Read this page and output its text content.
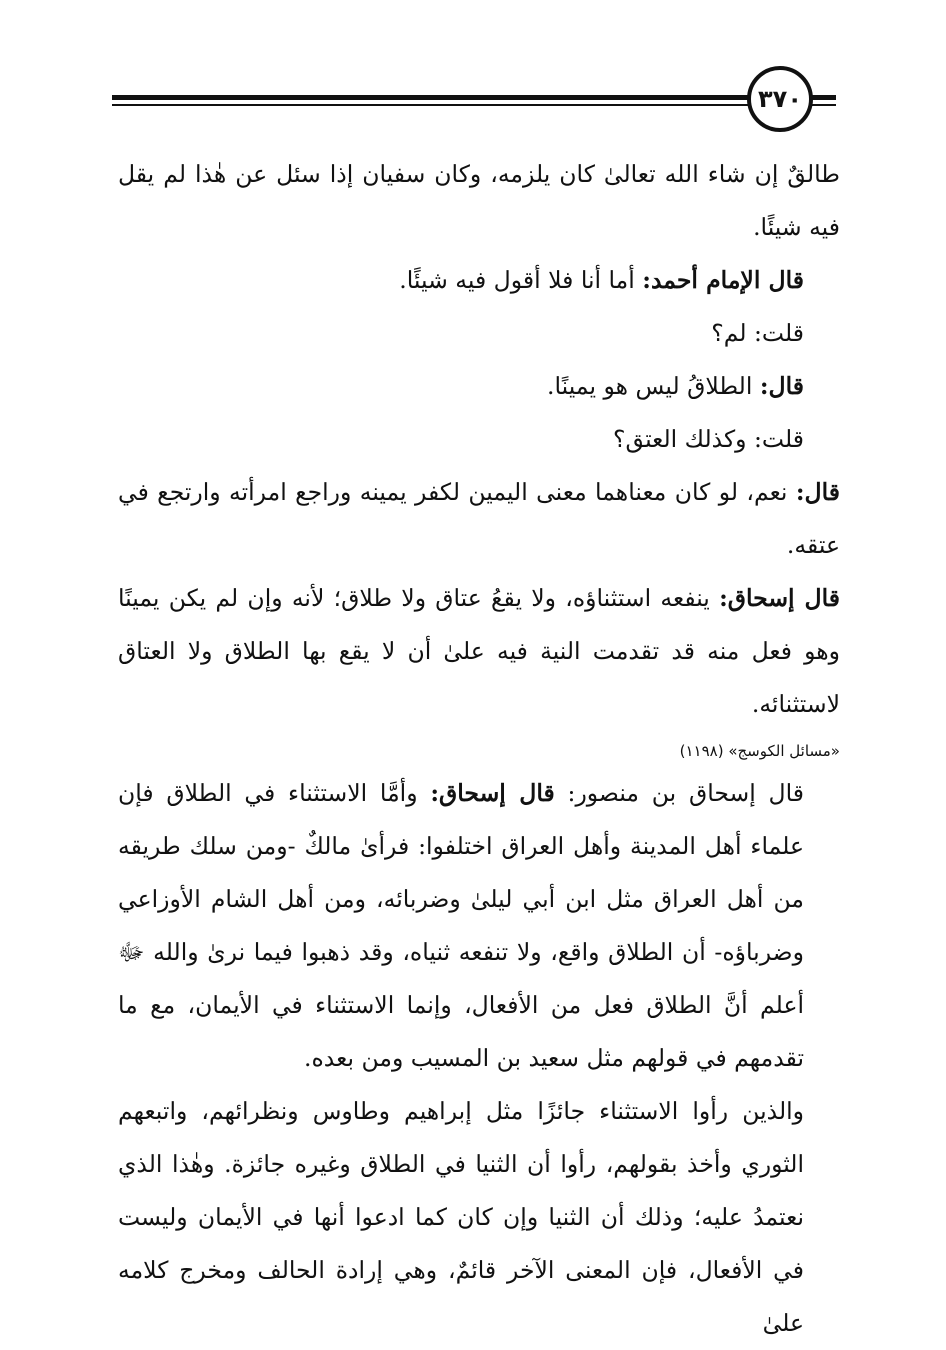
٣٧٠

طالقٌ إن شاء الله تعالىٰ كان يلزمه، وكان سفيان إذا سئل عن هٰذا لم يقل فيه شيئًا.

قال الإمام أحمد: أما أنا فلا أقول فيه شيئًا.

قلت: لم؟

قال: الطلاقُ ليس هو يمينًا.

قلت: وكذلك العتق؟

قال: نعم، لو كان معناهما معنى اليمين لكفر يمينه وراجع امرأته وارتجع في عتقه.

قال إسحاق: ينفعه استثناؤه، ولا يقعُ عتاق ولا طلاق؛ لأنه وإن لم يكن يمينًا وهو فعل منه قد تقدمت النية فيه علىٰ أن لا يقع بها الطلاق ولا العتاق لاستثنائه.

«مسائل الكوسج» (١١٩٨)

قال إسحاق بن منصور: قال إسحاق: وأمَّا الاستثناء في الطلاق فإن علماء أهل المدينة وأهل العراق اختلفوا: فرأىٰ مالكٌ -ومن سلك طريقه من أهل العراق مثل ابن أبي ليلىٰ وضربائه، ومن أهل الشام الأوزاعي وضرباؤه- أن الطلاق واقع، ولا تنفعه ثنياه، وقد ذهبوا فيما نرىٰ والله ﷻ أعلم أنَّ الطلاق فعل من الأفعال، وإنما الاستثناء في الأيمان، مع ما تقدمهم في قولهم مثل سعيد بن المسيب ومن بعده.

والذين رأوا الاستثناء جائزًا مثل إبراهيم وطاوس ونظرائهم، واتبعهم الثوري وأخذ بقولهم، رأوا أن الثنيا في الطلاق وغيره جائزة. وهٰذا الذي نعتمدُ عليه؛ وذلك أن الثنيا وإن كان كما ادعوا أنها في الأيمان وليست في الأفعال، فإن المعنى الآخر قائمٌ، وهي إرادة الحالف ومخرج كلامه علىٰ
